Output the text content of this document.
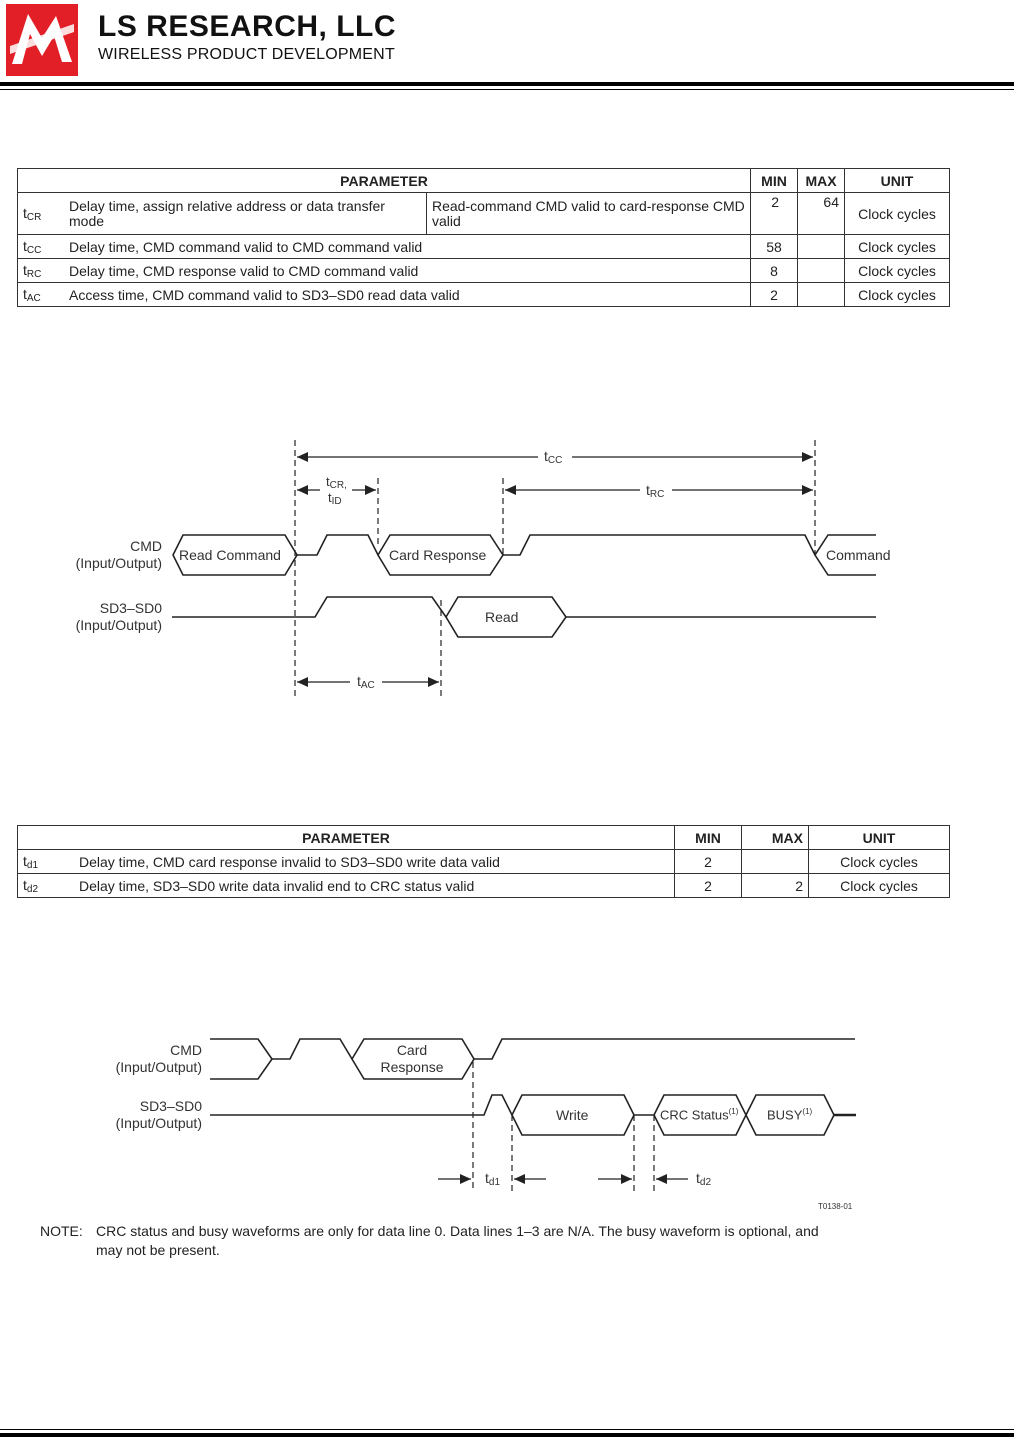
LS RESEARCH, LLC
WIRELESS PRODUCT DEVELOPMENT
PARAMETER			MIN	MAX	UNIT
$t_{CR}$	Delay time, assign relative address or data transfer mode	Read-command CMD valid to card-response CMD valid	2	64	Clock cycles
$t_{CC}$	Delay time, CMD command valid to CMD command valid		58		Clock cycles
$t_{RC}$	Delay time, CMD response valid to CMD command valid		8		Clock cycles
$t_{AC}$	Access time, CMD command valid to SD3–SD0 read data valid		2		Clock cycles
CMD
(Input/Output)
SD3–SD0
(Input/Output)
Read Command	Card Response	Command
Read
$t_{CC}$
$t_{CR,}$
$t_{ID}$
$t_{RC}$
$t_{AC}$
PARAMETER		MIN	MAX	UNIT
$t_{d1}$	Delay time, CMD card response invalid to SD3–SD0 write data valid	2		Clock cycles
$t_{d2}$	Delay time, SD3–SD0 write data invalid end to CRC status valid	2	2	Clock cycles
CMD
(Input/Output)
SD3–SD0
(Input/Output)
Card
Response
Write	CRC Status$^{(1)}$ BUSY$^{(1)}$
$t_{d1}$	$t_{d2}$
T0138-01
NOTE: CRC status and busy waveforms are only for data line 0. Data lines 1–3 are N/A. The busy waveform is optional, and
may not be present.
